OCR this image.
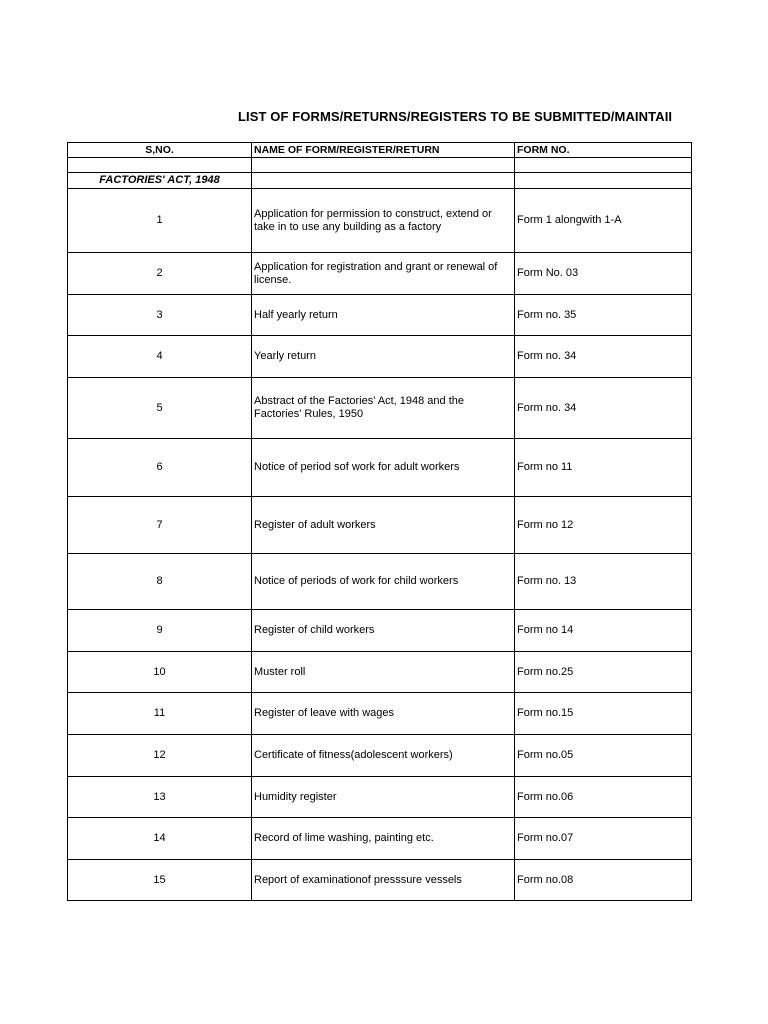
LIST OF FORMS/RETURNS/REGISTERS TO BE SUBMITTED/MAINTAII
S,NO.	NAME OF FORM/REGISTER/RETURN	FORM NO.

FACTORIES' ACT, 1948		
1	Application for permission to construct, extend or take in to use any building as a factory	Form 1 alongwith 1-A
2	Application for registration and grant or renewal of license.	Form No. 03
3	Half yearly return	Form no. 35
4	Yearly return	Form no. 34
5	Abstract of the Factories' Act, 1948 and the Factories' Rules, 1950	Form no. 34
6	Notice of period sof work for adult workers	Form no 11
7	Register of adult workers	Form no 12
8	Notice of periods of work for child workers	Form no. 13
9	Register of child workers	Form no 14
10	Muster roll	Form no.25
11	Register of leave with wages	Form no.15
12	Certificate of fitness(adolescent workers)	Form no.05
13	Humidity register	Form no.06
14	Record of lime washing, painting etc.	Form no.07
15	Report of examinationof presssure vessels	Form no.08
